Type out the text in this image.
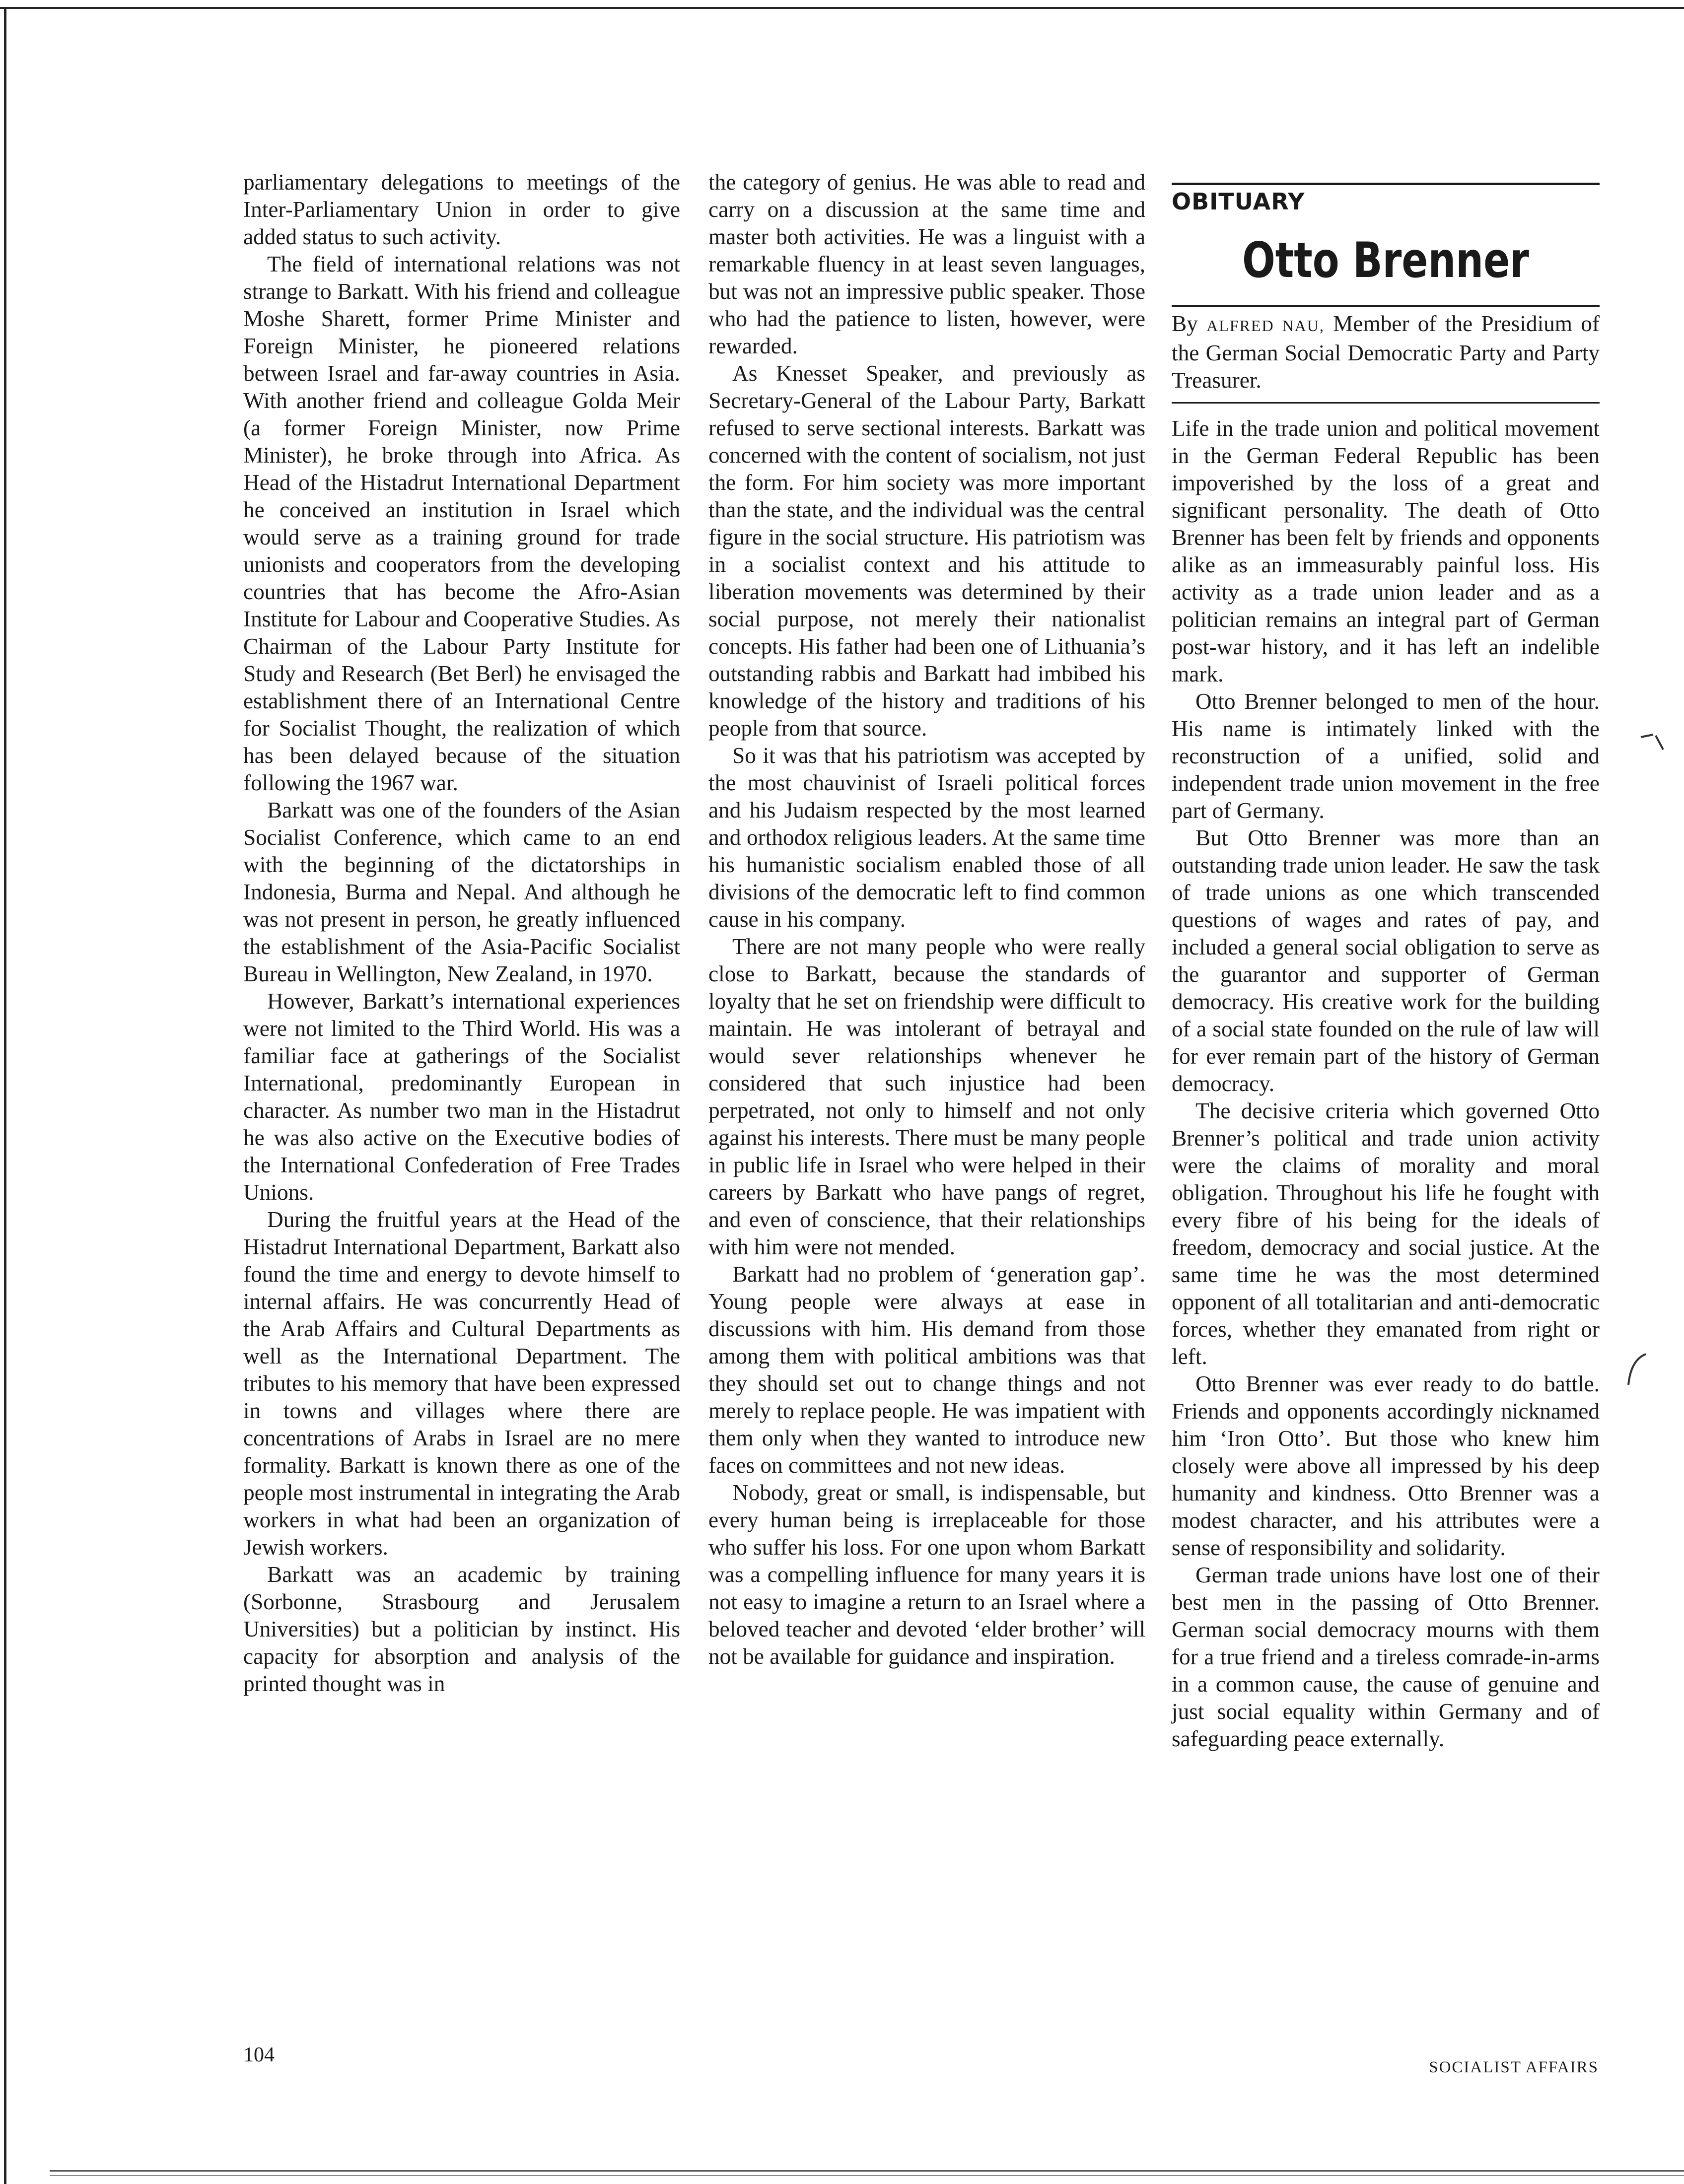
parliamentary delegations to meetings of the Inter-Parliamentary Union in order to give added status to such activity.

The field of international relations was not strange to Barkatt. With his friend and colleague Moshe Sharett, former Prime Minister and Foreign Minister, he pioneered relations between Israel and far-away countries in Asia. With another friend and colleague Golda Meir (a former Foreign Minister, now Prime Minister), he broke through into Africa. As Head of the Histadrut International Department he conceived an institution in Israel which would serve as a training ground for trade unionists and cooperators from the developing countries that has become the Afro-Asian Institute for Labour and Cooperative Studies. As Chairman of the Labour Party Institute for Study and Research (Bet Berl) he envisaged the establishment there of an International Centre for Socialist Thought, the realization of which has been delayed because of the situation following the 1967 war.

Barkatt was one of the founders of the Asian Socialist Conference, which came to an end with the beginning of the dictatorships in Indonesia, Burma and Nepal. And although he was not present in person, he greatly influenced the establishment of the Asia-Pacific Socialist Bureau in Wellington, New Zealand, in 1970.

However, Barkatt’s international experiences were not limited to the Third World. His was a familiar face at gatherings of the Socialist International, predominantly European in character. As number two man in the Histadrut he was also active on the Executive bodies of the International Confederation of Free Trades Unions.

During the fruitful years at the Head of the Histadrut International Department, Barkatt also found the time and energy to devote himself to internal affairs. He was concurrently Head of the Arab Affairs and Cultural Departments as well as the International Department. The tributes to his memory that have been expressed in towns and villages where there are concentrations of Arabs in Israel are no mere formality. Barkatt is known there as one of the people most instrumental in integrating the Arab workers in what had been an organization of Jewish workers.

Barkatt was an academic by training (Sorbonne, Strasbourg and Jerusalem Universities) but a politician by instinct. His capacity for absorption and analysis of the printed thought was in

the category of genius. He was able to read and carry on a discussion at the same time and master both activities. He was a linguist with a remarkable fluency in at least seven languages, but was not an impressive public speaker. Those who had the patience to listen, however, were rewarded.

As Knesset Speaker, and previously as Secretary-General of the Labour Party, Barkatt refused to serve sectional interests. Barkatt was concerned with the content of socialism, not just the form. For him society was more important than the state, and the individual was the central figure in the social structure. His patriotism was in a socialist context and his attitude to liberation movements was determined by their social purpose, not merely their nationalist concepts. His father had been one of Lithuania’s outstanding rabbis and Barkatt had imbibed his knowledge of the history and traditions of his people from that source.

So it was that his patriotism was accepted by the most chauvinist of Israeli political forces and his Judaism respected by the most learned and orthodox religious leaders. At the same time his humanistic socialism enabled those of all divisions of the democratic left to find common cause in his company.

There are not many people who were really close to Barkatt, because the standards of loyalty that he set on friendship were difficult to maintain. He was intolerant of betrayal and would sever relationships whenever he considered that such injustice had been perpetrated, not only to himself and not only against his interests. There must be many people in public life in Israel who were helped in their careers by Barkatt who have pangs of regret, and even of conscience, that their relationships with him were not mended.

Barkatt had no problem of ‘generation gap’. Young people were always at ease in discussions with him. His demand from those among them with political ambitions was that they should set out to change things and not merely to replace people. He was impatient with them only when they wanted to introduce new faces on committees and not new ideas.

Nobody, great or small, is indispensable, but every human being is irreplaceable for those who suffer his loss. For one upon whom Barkatt was a compelling influence for many years it is not easy to imagine a return to an Israel where a beloved teacher and devoted ‘elder brother’ will not be available for guidance and inspiration.

OBITUARY
Otto Brenner
By ALFRED NAU, Member of the Presidium of the German Social Democratic Party and Party Treasurer.

Life in the trade union and political movement in the German Federal Republic has been impoverished by the loss of a great and significant personality. The death of Otto Brenner has been felt by friends and opponents alike as an immeasurably painful loss. His activity as a trade union leader and as a politician remains an integral part of German post-war history, and it has left an indelible mark.

Otto Brenner belonged to men of the hour. His name is intimately linked with the reconstruction of a unified, solid and independent trade union movement in the free part of Germany.

But Otto Brenner was more than an outstanding trade union leader. He saw the task of trade unions as one which transcended questions of wages and rates of pay, and included a general social obligation to serve as the guarantor and supporter of German democracy. His creative work for the building of a social state founded on the rule of law will for ever remain part of the history of German democracy.

The decisive criteria which governed Otto Brenner’s political and trade union activity were the claims of morality and moral obligation. Throughout his life he fought with every fibre of his being for the ideals of freedom, democracy and social justice. At the same time he was the most determined opponent of all totalitarian and anti-democratic forces, whether they emanated from right or left.

Otto Brenner was ever ready to do battle. Friends and opponents accordingly nicknamed him ‘Iron Otto’. But those who knew him closely were above all impressed by his deep humanity and kindness. Otto Brenner was a modest character, and his attributes were a sense of responsibility and solidarity.

German trade unions have lost one of their best men in the passing of Otto Brenner. German social democracy mourns with them for a true friend and a tireless comrade-in-arms in a common cause, the cause of genuine and just social equality within Germany and of safeguarding peace externally.

104
SOCIALIST AFFAIRS
